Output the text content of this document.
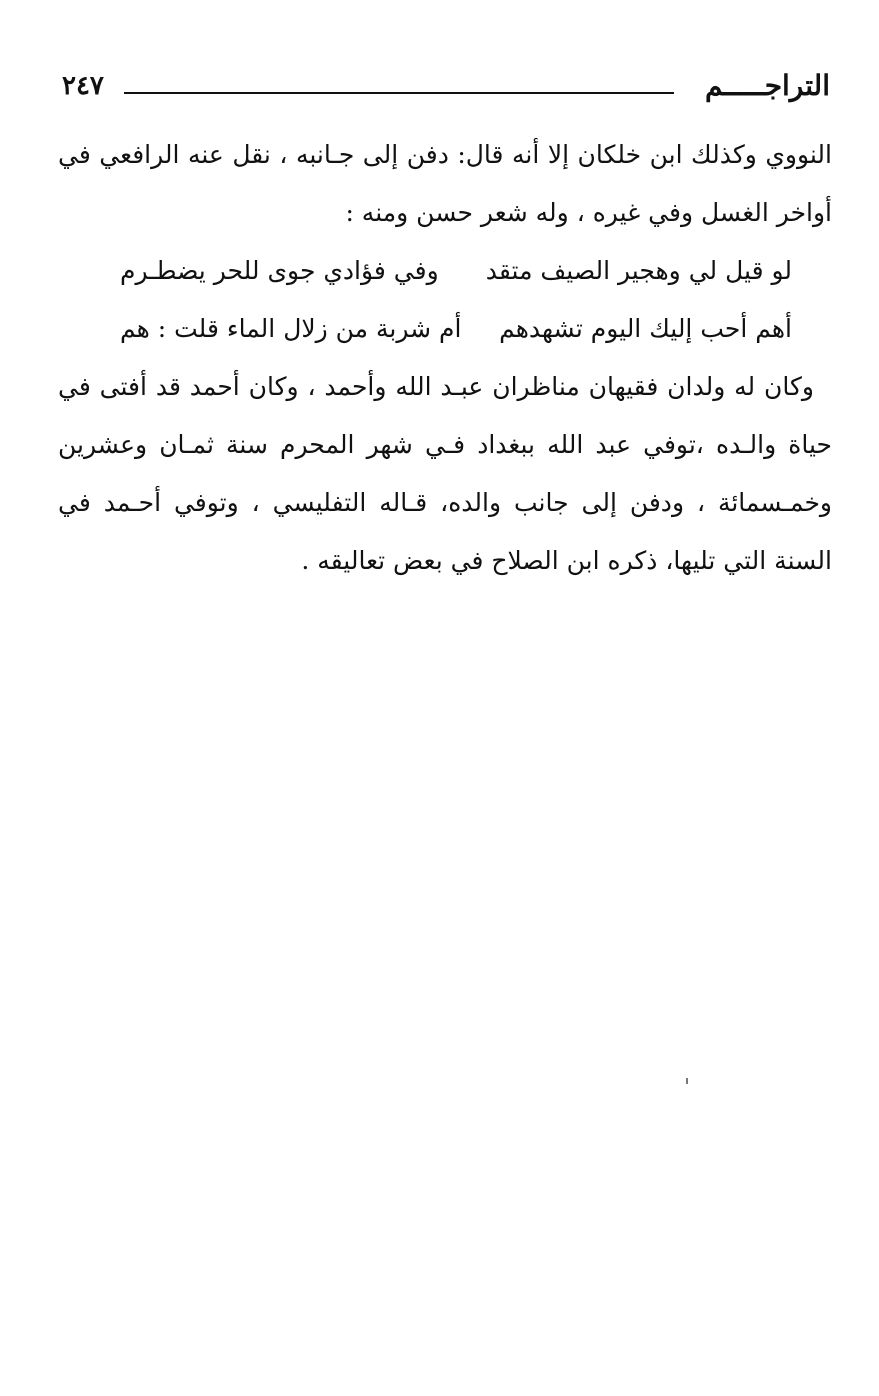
التراجـــــم
٢٤٧

النووي وكذلك ابن خلكان إلا أنه قال: دفن إلى جـانبه ، نقل عنه الرافعي في أواخر الغسل وفي غيره ، وله شعر حسن ومنه :

لو قيل لي وهجير الصيف متقد
وفي فؤادي جوى للحر يضطـرم
أهم أحب إليك اليوم تشهدهم
أم شربة من زلال الماء قلت : هم

وكان له ولدان فقيهان مناظران عبـد الله وأحمد ، وكان أحمد قد أفتى في حياة والـده ،توفي عبد الله ببغداد فـي شهر المحرم سنة ثمـان وعشرين وخمـسمائة ، ودفن إلى جانب والده، قـاله التفليسي ، وتوفي أحـمد في السنة التي تليها، ذكره ابن الصلاح في بعض تعاليقه .
